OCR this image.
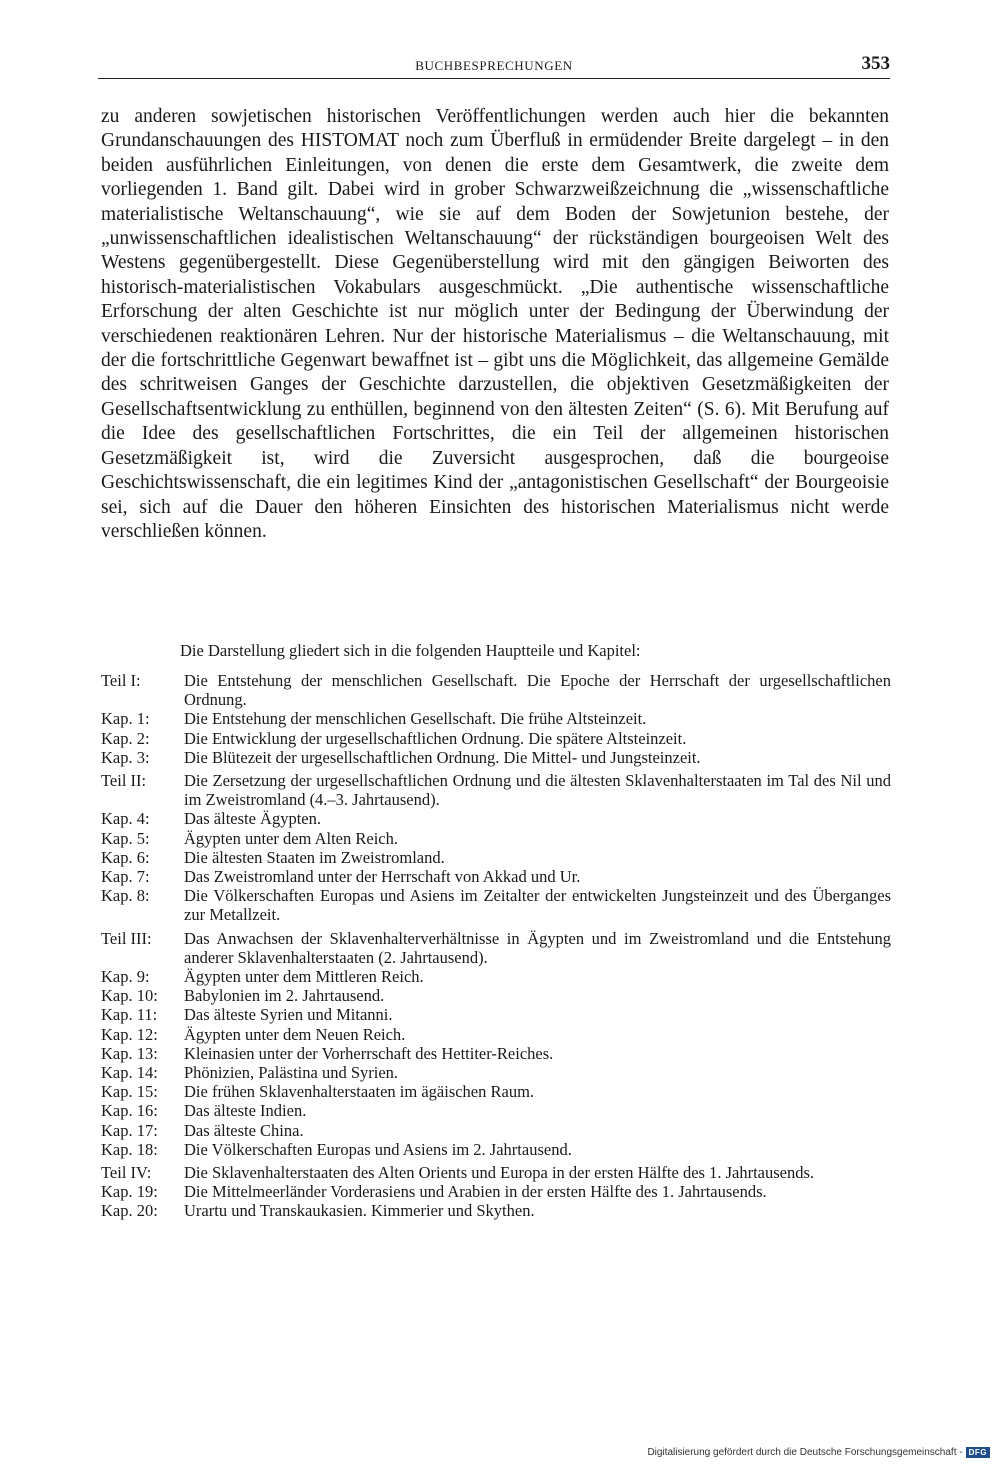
BUCHBESPRECHUNGEN	353
zu anderen sowjetischen historischen Veröffentlichungen werden auch hier die bekannten Grundanschauungen des HISTOMAT noch zum Überfluß in ermüdender Breite dargelegt – in den beiden ausführlichen Einleitungen, von denen die erste dem Gesamtwerk, die zweite dem vorliegenden 1. Band gilt. Dabei wird in grober Schwarzweißzeichnung die „wissenschaftliche materialistische Weltanschauung“, wie sie auf dem Boden der Sowjetunion bestehe, der „unwissenschaftlichen idealistischen Weltanschauung“ der rückständigen bourgeoisen Welt des Westens gegenübergestellt. Diese Gegenüberstellung wird mit den gängigen Beiworten des historisch-materialistischen Vokabulars ausgeschmückt. „Die authentische wissenschaftliche Erforschung der alten Geschichte ist nur möglich unter der Bedingung der Überwindung der verschiedenen reaktionären Lehren. Nur der historische Materialismus – die Weltanschauung, mit der die fortschrittliche Gegenwart bewaffnet ist – gibt uns die Möglichkeit, das allgemeine Gemälde des schritweisen Ganges der Geschichte darzustellen, die objektiven Gesetzmäßigkeiten der Gesellschaftsentwicklung zu enthüllen, beginnend von den ältesten Zeiten“ (S. 6). Mit Berufung auf die Idee des gesellschaftlichen Fortschrittes, die ein Teil der allgemeinen historischen Gesetzmäßigkeit ist, wird die Zuversicht ausgesprochen, daß die bourgeoise Geschichtswissenschaft, die ein legitimes Kind der „antagonistischen Gesellschaft“ der Bourgeoisie sei, sich auf die Dauer den höheren Einsichten des historischen Materialismus nicht werde verschließen können.
Die Darstellung gliedert sich in die folgenden Hauptteile und Kapitel:
Teil I:	Die Entstehung der menschlichen Gesellschaft. Die Epoche der Herrschaft der urgesellschaftlichen Ordnung.
Kap. 1:	Die Entstehung der menschlichen Gesellschaft. Die frühe Altsteinzeit.
Kap. 2:	Die Entwicklung der urgesellschaftlichen Ordnung. Die spätere Altsteinzeit.
Kap. 3:	Die Blütezeit der urgesellschaftlichen Ordnung. Die Mittel- und Jungsteinzeit.
Teil II:	Die Zersetzung der urgesellschaftlichen Ordnung und die ältesten Sklavenhalterstaaten im Tal des Nil und im Zweistromland (4.–3. Jahrtausend).
Kap. 4:	Das älteste Ägypten.
Kap. 5:	Ägypten unter dem Alten Reich.
Kap. 6:	Die ältesten Staaten im Zweistromland.
Kap. 7:	Das Zweistromland unter der Herrschaft von Akkad und Ur.
Kap. 8:	Die Völkerschaften Europas und Asiens im Zeitalter der entwickelten Jungsteinzeit und des Überganges zur Metallzeit.
Teil III:	Das Anwachsen der Sklavenhalterverhältnisse in Ägypten und im Zweistromland und die Entstehung anderer Sklavenhalterstaaten (2. Jahrtausend).
Kap. 9:	Ägypten unter dem Mittleren Reich.
Kap. 10:	Babylonien im 2. Jahrtausend.
Kap. 11:	Das älteste Syrien und Mitanni.
Kap. 12:	Ägypten unter dem Neuen Reich.
Kap. 13:	Kleinasien unter der Vorherrschaft des Hettiter-Reiches.
Kap. 14:	Phönizien, Palästina und Syrien.
Kap. 15:	Die frühen Sklavenhalterstaaten im ägäischen Raum.
Kap. 16:	Das älteste Indien.
Kap. 17:	Das älteste China.
Kap. 18:	Die Völkerschaften Europas und Asiens im 2. Jahrtausend.
Teil IV:	Die Sklavenhalterstaaten des Alten Orients und Europa in der ersten Hälfte des 1. Jahrtausends.
Kap. 19:	Die Mittelmeerländer Vorderasiens und Arabien in der ersten Hälfte des 1. Jahrtausends.
Kap. 20:	Urartu und Transkaukasien. Kimmerier und Skythen.
Digitalisierung gefördert durch die Deutsche Forschungsgemeinschaft - DFG
